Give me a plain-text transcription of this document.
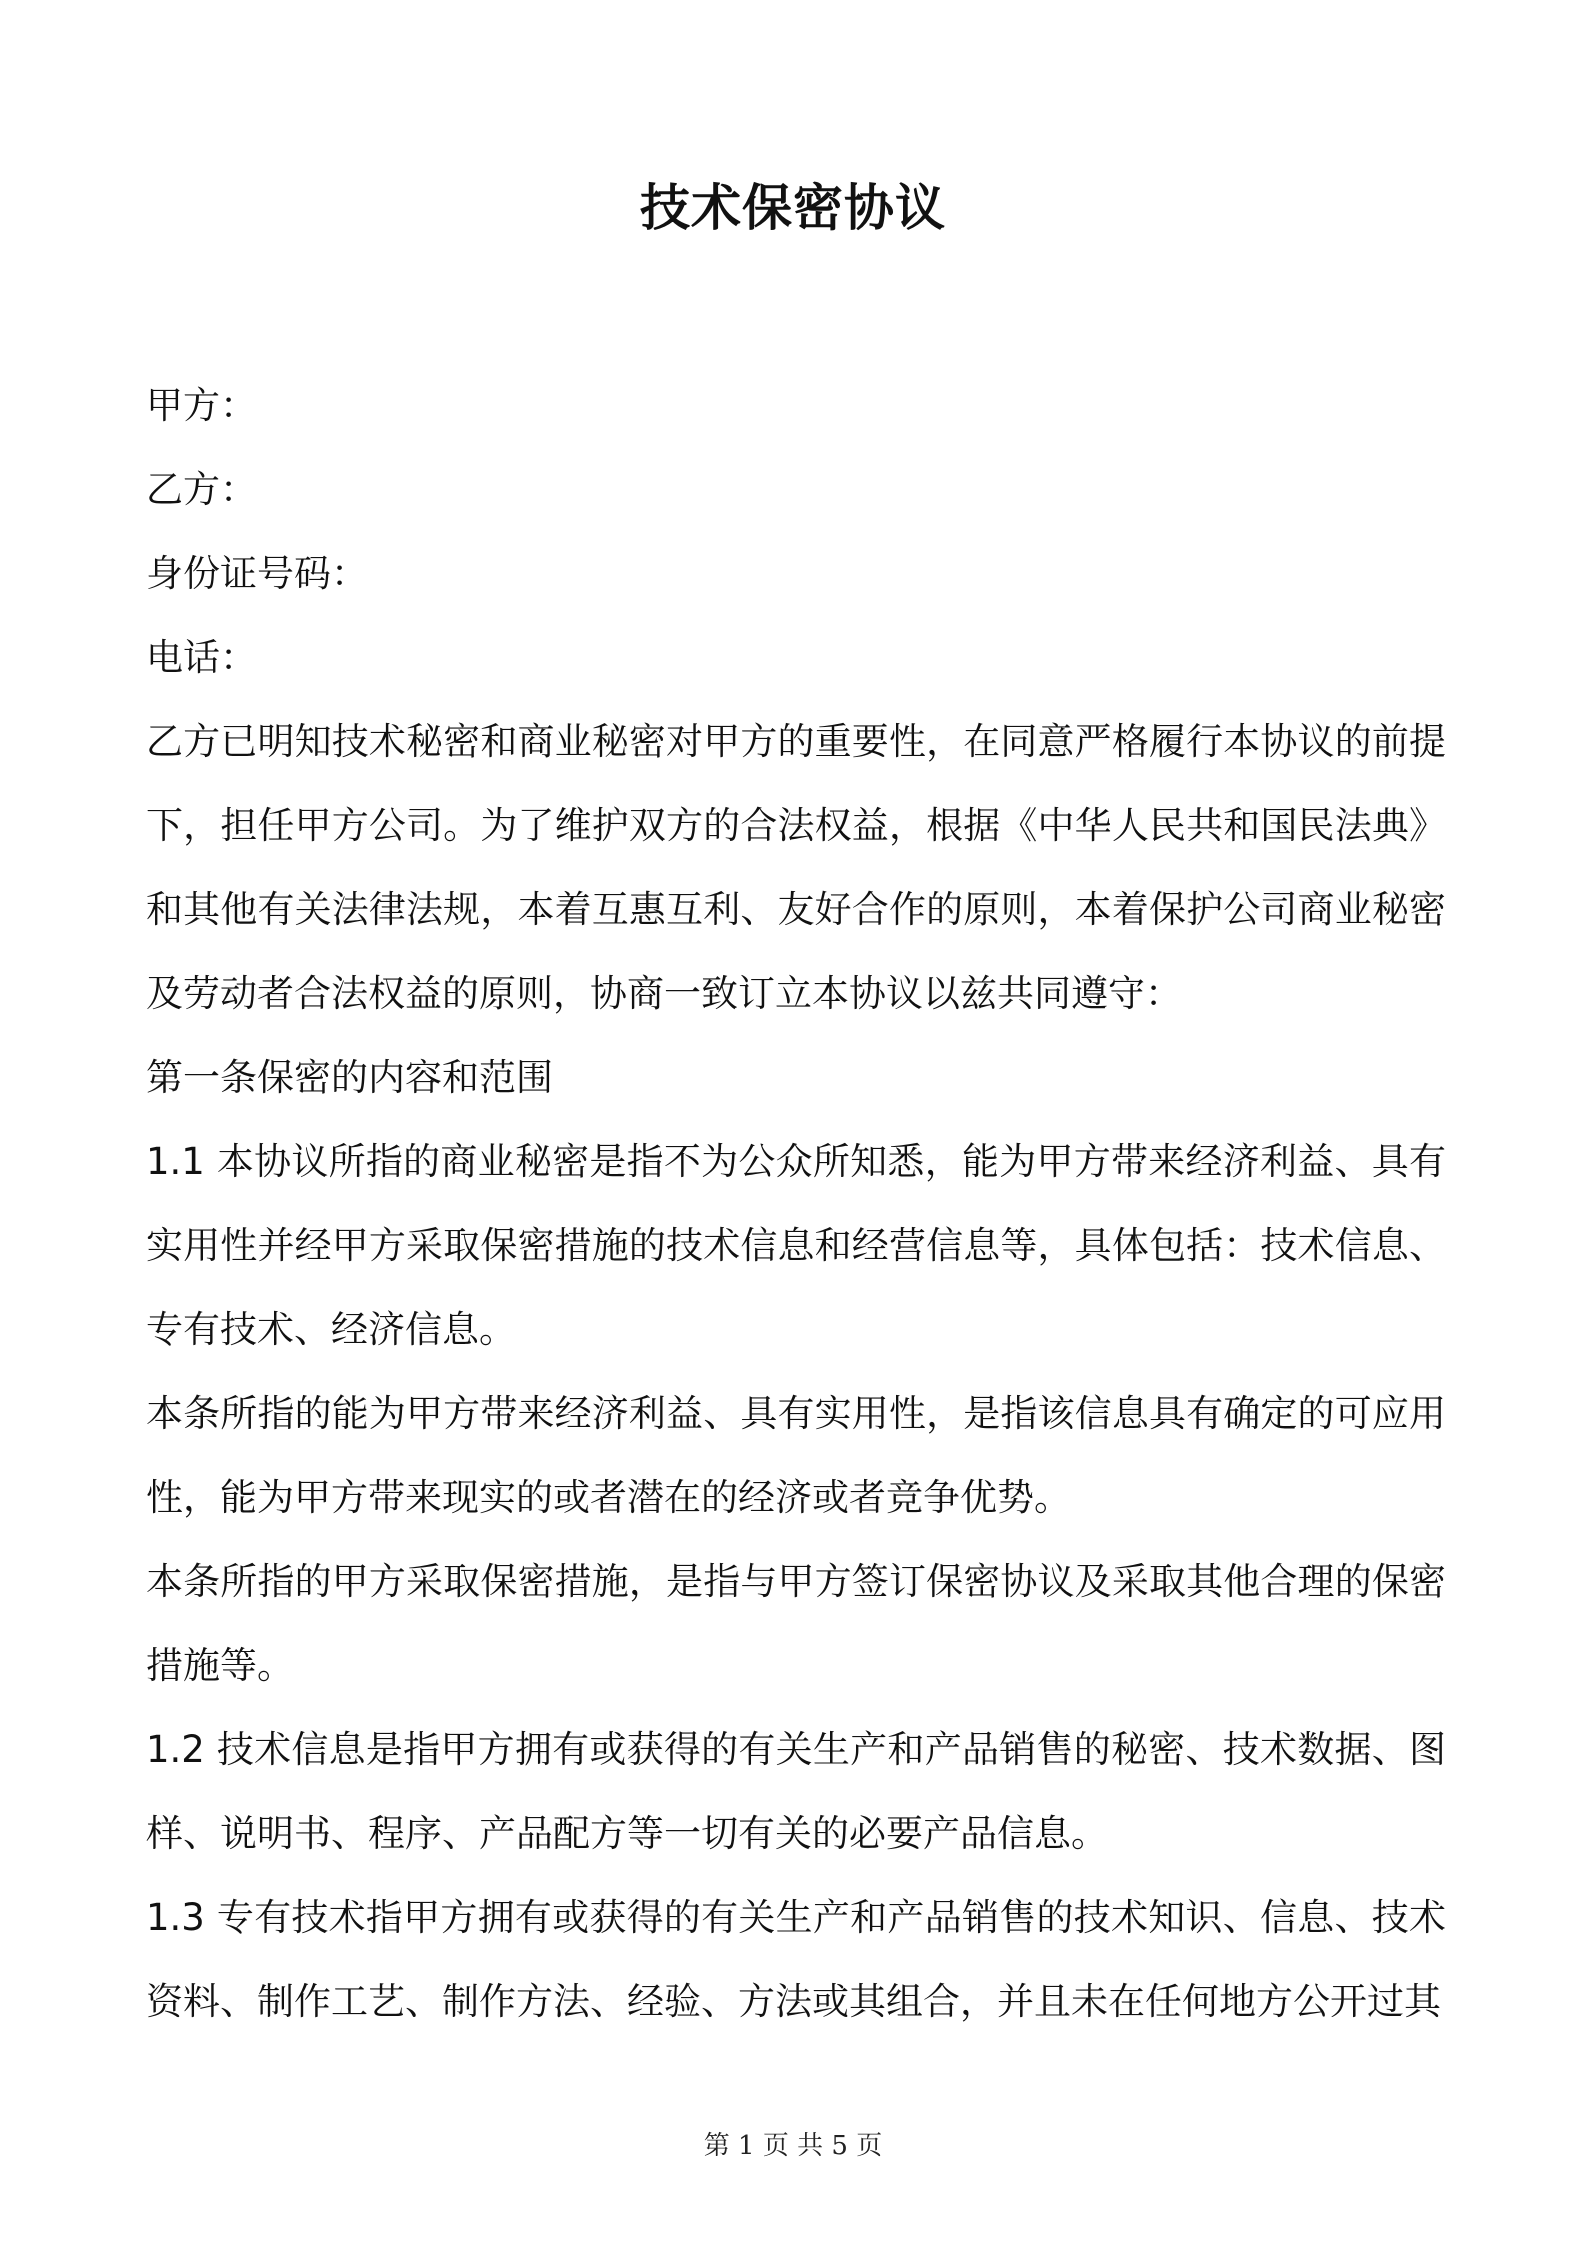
技术保密协议

甲方：

乙方：

身份证号码：

电话：

乙方已明知技术秘密和商业秘密对甲方的重要性，在同意严格履行本协议的前提下，担任甲方公司。为了维护双方的合法权益，根据《中华人民共和国民法典》和其他有关法律法规，本着互惠互利、友好合作的原则，本着保护公司商业秘密及劳动者合法权益的原则，协商一致订立本协议以兹共同遵守：

第一条保密的内容和范围

1.1 本协议所指的商业秘密是指不为公众所知悉，能为甲方带来经济利益、具有实用性并经甲方采取保密措施的技术信息和经营信息等，具体包括：技术信息、专有技术、经济信息。

本条所指的能为甲方带来经济利益、具有实用性，是指该信息具有确定的可应用性，能为甲方带来现实的或者潜在的经济或者竞争优势。

本条所指的甲方采取保密措施，是指与甲方签订保密协议及采取其他合理的保密措施等。

1.2 技术信息是指甲方拥有或获得的有关生产和产品销售的秘密、技术数据、图样、说明书、程序、产品配方等一切有关的必要产品信息。

1.3 专有技术指甲方拥有或获得的有关生产和产品销售的技术知识、信息、技术资料、制作工艺、制作方法、经验、方法或其组合，并且未在任何地方公开过其

第 1 页 共 5 页
